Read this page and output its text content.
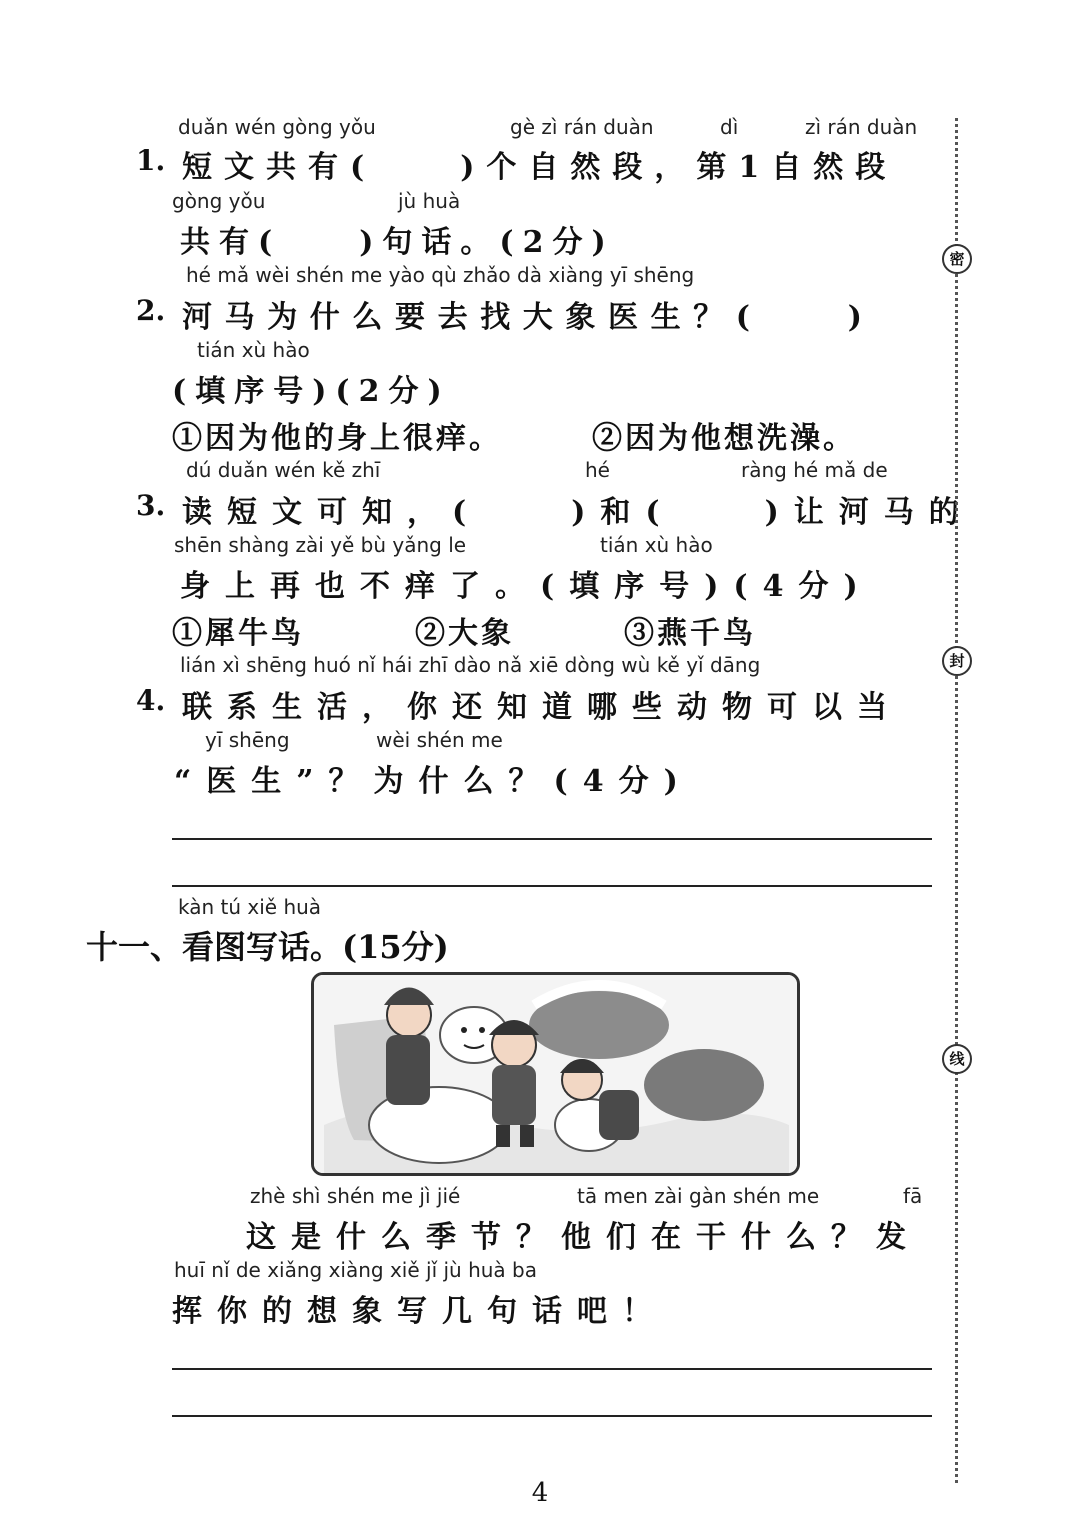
duǎn wén gòng yǒu	gè zì rán duàn	dì	zì rán duàn
1. 短文共有(　　)个自然段，第1自然段
gòng yǒu	jù huà
共有(　　)句话。(2分)
hé mǎ wèi shén me yào qù zhǎo dà xiàng yī shēng
2. 河马为什么要去找大象医生？(　　)
tián xù hào
(填序号)(2分)
①因为他的身上很痒。	②因为他想洗澡。
dú duǎn wén kě zhī	hé	ràng hé mǎ de
3. 读短文可知，(　　)和(　　)让河马的
shēn shàng zài yě bù yǎng le	tián xù hào
身上再也不痒了。(填序号)(4分)
①犀牛鸟	②大象	③燕千鸟
lián xì shēng huó nǐ hái zhī dào nǎ xiē dòng wù kě yǐ dāng
4. 联系生活，你还知道哪些动物可以当
yī shēng	wèi shén me
“医生”？为什么？(4分)
kàn tú xiě huà
十一、看图写话。(15分)
zhè shì shén me jì jié	tā men zài gàn shén me	fā
这是什么季节？他们在干什么？发
huī nǐ de xiǎng xiàng xiě jǐ jù huà ba
挥你的想象写几句话吧！
密
封
线
4
